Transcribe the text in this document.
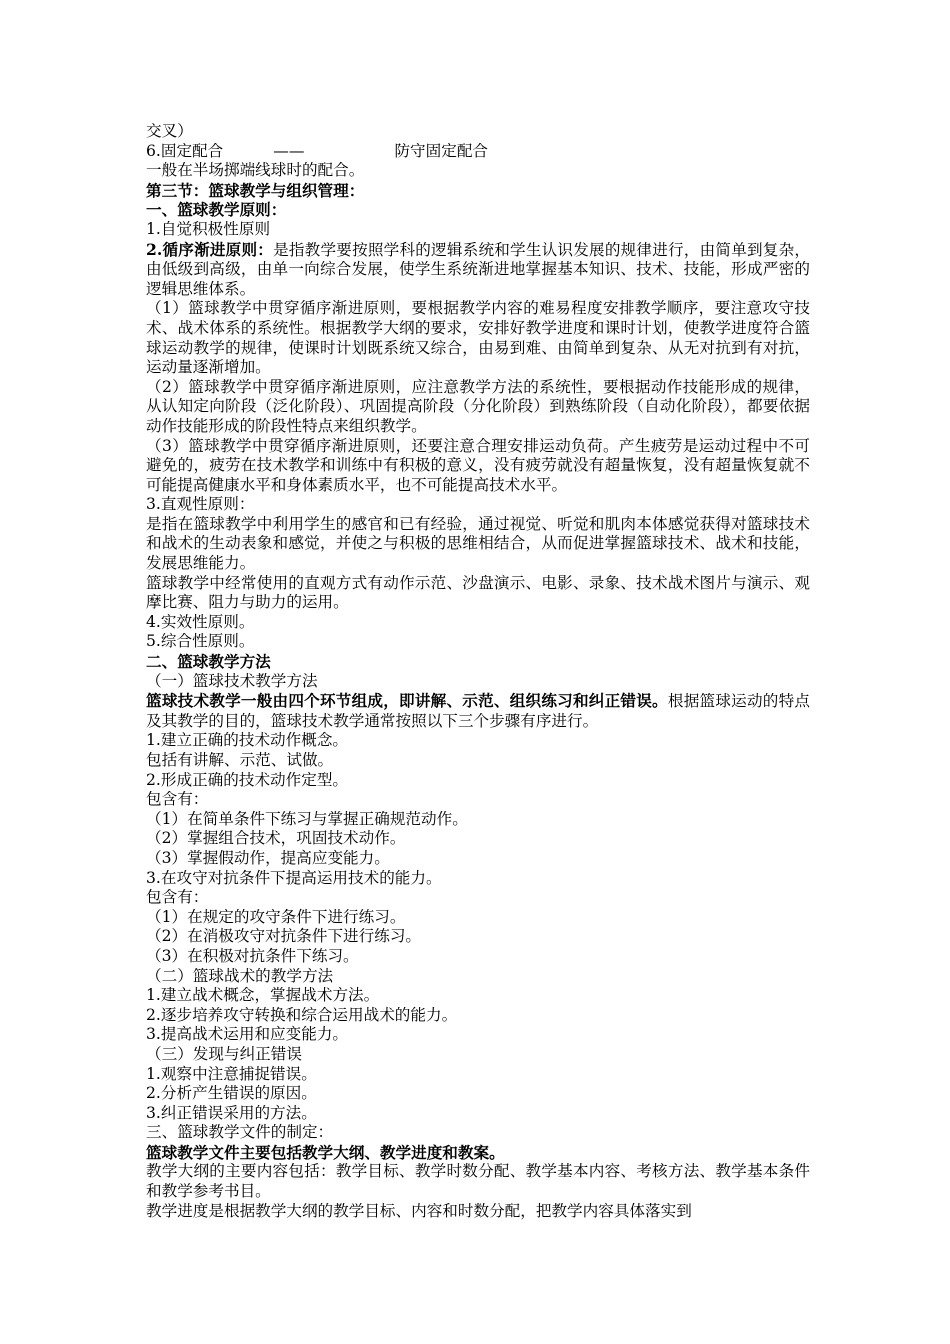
交叉）
6.固定配合	——	防守固定配合
一般在半场掷端线球时的配合。
第三节：篮球教学与组织管理：
一、篮球教学原则：
1.自觉积极性原则
2.循序渐进原则：是指教学要按照学科的逻辑系统和学生认识发展的规律进行，由简单到复杂，由低级到高级，由单一向综合发展，使学生系统渐进地掌握基本知识、技术、技能，形成严密的逻辑思维体系。
（1）篮球教学中贯穿循序渐进原则，要根据教学内容的难易程度安排教学顺序，要注意攻守技术、战术体系的系统性。根据教学大纲的要求，安排好教学进度和课时计划，使教学进度符合篮球运动教学的规律，使课时计划既系统又综合，由易到难、由简单到复杂、从无对抗到有对抗，运动量逐渐增加。
（2）篮球教学中贯穿循序渐进原则，应注意教学方法的系统性，要根据动作技能形成的规律，从认知定向阶段（泛化阶段）、巩固提高阶段（分化阶段）到熟练阶段（自动化阶段），都要依据动作技能形成的阶段性特点来组织教学。
（3）篮球教学中贯穿循序渐进原则，还要注意合理安排运动负荷。产生疲劳是运动过程中不可避免的，疲劳在技术教学和训练中有积极的意义，没有疲劳就没有超量恢复，没有超量恢复就不可能提高健康水平和身体素质水平，也不可能提高技术水平。
3.直观性原则：
是指在篮球教学中利用学生的感官和已有经验，通过视觉、听觉和肌肉本体感觉获得对篮球技术和战术的生动表象和感觉，并使之与积极的思维相结合，从而促进掌握篮球技术、战术和技能，发展思维能力。
篮球教学中经常使用的直观方式有动作示范、沙盘演示、电影、录象、技术战术图片与演示、观摩比赛、阻力与助力的运用。
4.实效性原则。
5.综合性原则。
二、篮球教学方法
（一）篮球技术教学方法
篮球技术教学一般由四个环节组成，即讲解、示范、组织练习和纠正错误。根据篮球运动的特点及其教学的目的，篮球技术教学通常按照以下三个步骤有序进行。
1.建立正确的技术动作概念。
包括有讲解、示范、试做。
2.形成正确的技术动作定型。
包含有：
（1）在简单条件下练习与掌握正确规范动作。
（2）掌握组合技术，巩固技术动作。
（3）掌握假动作，提高应变能力。
3.在攻守对抗条件下提高运用技术的能力。
包含有：
（1）在规定的攻守条件下进行练习。
（2）在消极攻守对抗条件下进行练习。
（3）在积极对抗条件下练习。
（二）篮球战术的教学方法
1.建立战术概念，掌握战术方法。
2.逐步培养攻守转换和综合运用战术的能力。
3.提高战术运用和应变能力。
（三）发现与纠正错误
1.观察中注意捕捉错误。
2.分析产生错误的原因。
3.纠正错误采用的方法。
三、篮球教学文件的制定：
篮球教学文件主要包括教学大纲、教学进度和教案。
教学大纲的主要内容包括：教学目标、教学时数分配、教学基本内容、考核方法、教学基本条件和教学参考书目。
教学进度是根据教学大纲的教学目标、内容和时数分配，把教学内容具体落实到
